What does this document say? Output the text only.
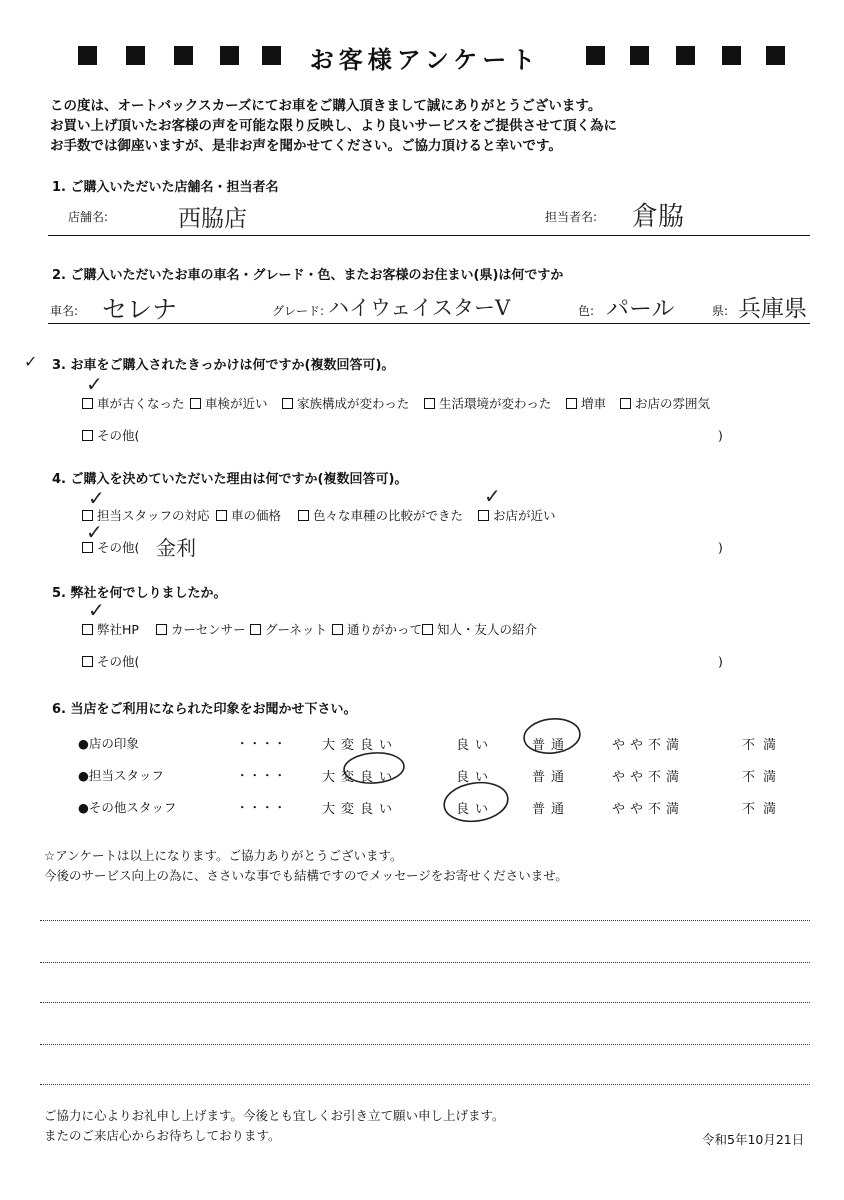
お客様アンケート
この度は、オートバックスカーズにてお車をご購入頂きまして誠にありがとうございます。
お買い上げ頂いたお客様の声を可能な限り反映し、より良いサービスをご提供させて頂く為に
お手数では御座いますが、是非お声を聞かせてください。ご協力頂けると幸いです。
1. ご購入いただいた店舗名・担当者名
店舗名:	西脇店	担当者名: 倉脇
2. ご購入いただいたお車の車名・グレード・色、またお客様のお住まい(県)は何ですか
車名: セレナ	グレード: ハイウェイスターV	色: パール	県: 兵庫県
✓ 3. お車をご購入されたきっかけは何ですか(複数回答可)。
車が古くなった
✓
車検が近い	家族構成が変わった	生活環境が変わった	増車	お店の雰囲気
その他(	)
4. ご購入を決めていただいた理由は何ですか(複数回答可)。
担当スタッフの対応
✓
車の価格	色々な車種の比較ができた	お店が近い
✓
その他(
✓
金利	)
5. 弊社を何でしりましたか。
弊社HP
✓
カーセンサー	グーネット	通りがかって	知人・友人の紹介
その他(	)
6. 当店をご利用になられた印象をお聞かせ下さい。
●店の印象	・・・・	大変良い	良い	普通	やや不満	不満
●担当スタッフ	・・・・	大変良い	良い	普通	やや不満	不満
●その他スタッフ	・・・・	大変良い	良い	普通	やや不満	不満
☆アンケートは以上になります。ご協力ありがとうございます。
今後のサービス向上の為に、ささいな事でも結構ですのでメッセージをお寄せくださいませ。
ご協力に心よりお礼申し上げます。今後とも宜しくお引き立て願い申し上げます。
またのご来店心からお待ちしております。	令和5年10月21日
